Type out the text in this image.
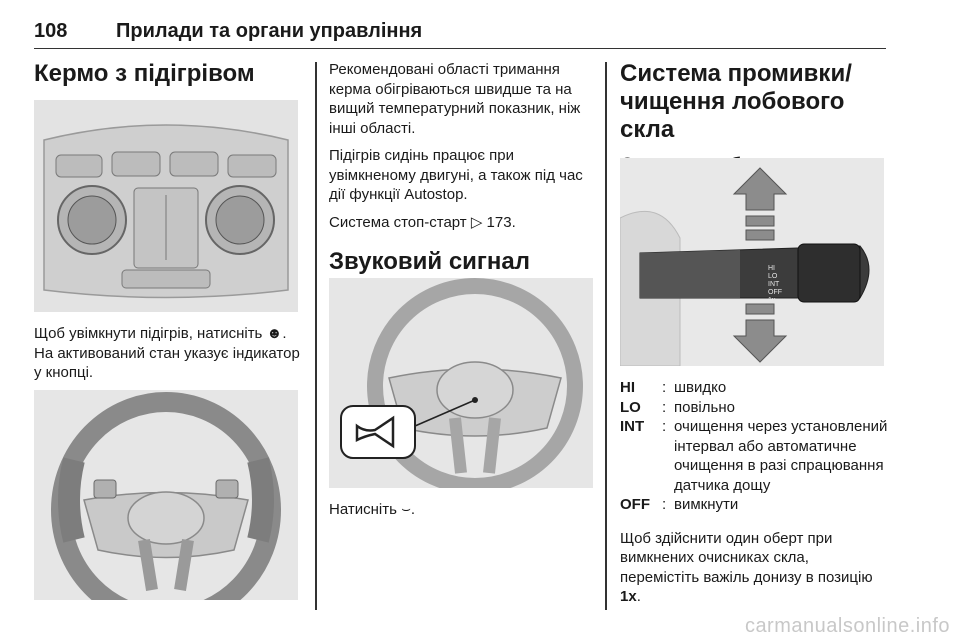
108 Прилади та органи управління
Кермо з підігрівом

Щоб увімкнути підігрів, натисніть ☻. На активований стан указує індикатор у кнопці.

Рекомендовані області тримання керма обігріваються швидше та на вищий температурний показник, ніж інші області.

Підігрів сидінь працює при увімкненому двигуні, а також під час дії функції Autostop.

Система стоп-старт ▷ 173.

Звуковий сигнал

Натисніть ⌣.

Система промивки/ чищення лобового скла
HI
LO
INT
OFF
1x
HI	: швидко
LO	: повільно
INT	: очищення через установлений інтервал або автоматичне очищення в разі спрацювання датчика дощу
OFF : вимкнути

Щоб здійснити один оберт при вимкнених очисниках скла, перемістіть важіль донизу в позицію 1x.

carmanualsonline.info
